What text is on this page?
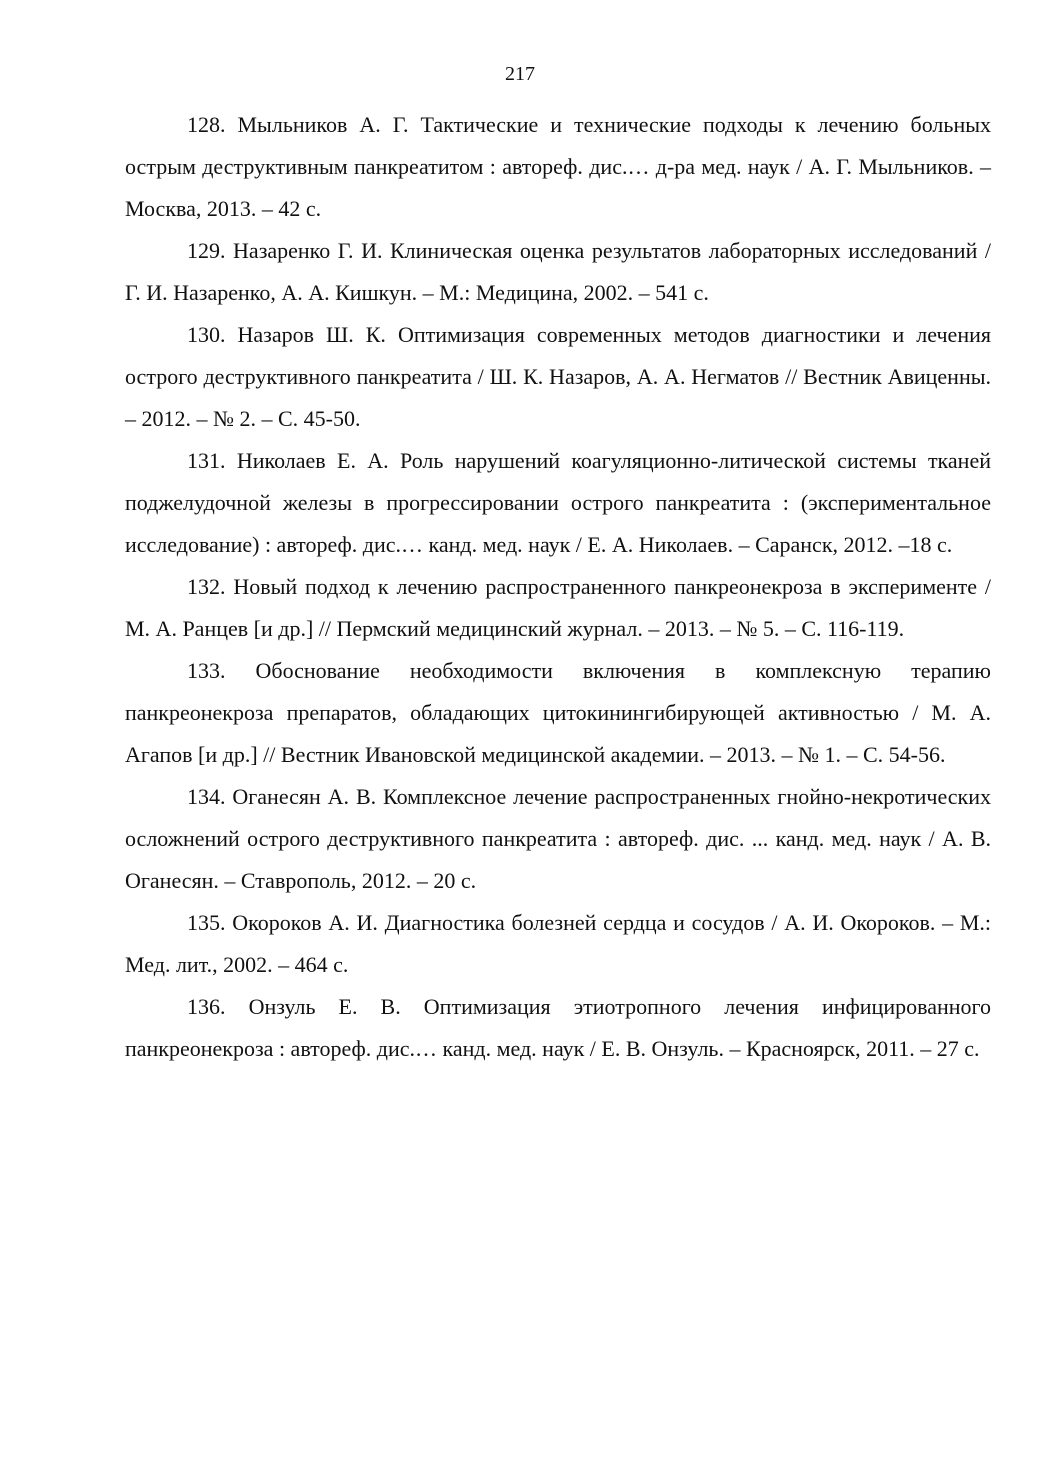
217

128. Мыльников А. Г. Тактические и технические подходы к лечению больных острым деструктивным панкреатитом : автореф. дис.… д-ра мед. наук / А. Г. Мыльников. – Москва, 2013. – 42 с.

129. Назаренко Г. И. Клиническая оценка результатов лабораторных исследований / Г. И. Назаренко, А. А. Кишкун. – М.: Медицина, 2002. – 541 с.

130. Назаров Ш. К. Оптимизация современных методов диагностики и лечения острого деструктивного панкреатита / Ш. К. Назаров, А. А. Негматов // Вестник Авиценны. – 2012. – № 2. – С. 45-50.

131. Николаев Е. А. Роль нарушений коагуляционно-литической системы тканей поджелудочной железы в прогрессировании острого панкреатита : (экспериментальное исследование) : автореф. дис.… канд. мед. наук / Е. А. Николаев. – Саранск, 2012. –18 с.

132. Новый подход к лечению распространенного панкреонекроза в эксперименте / М. А. Ранцев [и др.] // Пермский медицинский журнал. – 2013. – № 5. – С. 116-119.

133. Обоснование необходимости включения в комплексную терапию панкреонекроза препаратов, обладающих цитокинингибирующей активностью / М. А. Агапов [и др.] // Вестник Ивановской медицинской академии. – 2013. – № 1. – С. 54-56.

134. Оганесян А. В. Комплексное лечение распространенных гнойно-некротических осложнений острого деструктивного панкреатита : автореф. дис. ... канд. мед. наук / А. В. Оганесян. – Ставрополь, 2012. – 20 с.

135. Окороков А. И. Диагностика болезней сердца и сосудов / А. И. Окороков. – М.: Мед. лит., 2002. – 464 с.

136. Онзуль Е. В. Оптимизация этиотропного лечения инфицированного панкреонекроза : автореф. дис.… канд. мед. наук / Е. В. Онзуль. – Красноярск, 2011. – 27 с.
